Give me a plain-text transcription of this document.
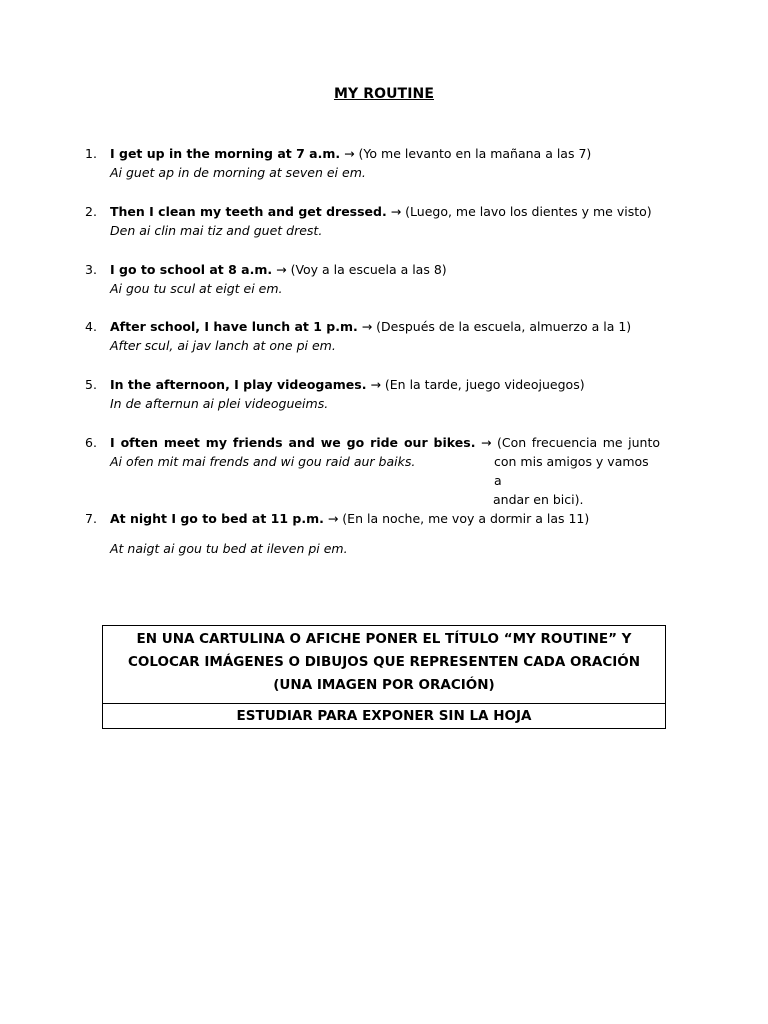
MY ROUTINE
1.	I get up in the morning at 7 a.m. → (Yo me levanto en la mañana a las 7)
Ai guet ap in de morning at seven ei em.
2.	Then I clean my teeth and get dressed. → (Luego, me lavo los dientes y me visto)
Den ai clin mai tiz and guet drest.
3.	I go to school at 8 a.m. → (Voy a la escuela a las 8)
Ai gou tu scul at eigt ei em.
4.	After school, I have lunch at 1 p.m. → (Después de la escuela, almuerzo a la 1)
After scul, ai jav lanch at one pi em.
5.	In the afternoon, I play videogames. → (En la tarde, juego videojuegos)
In de afternun ai plei videogueims.
6.	I often meet my friends and we go ride our bikes. → (Con frecuencia me junto
Ai ofen mit mai frends and wi gou raid aur baiks.	con mis amigos y vamos a
andar en bici).
7.	At night I go to bed at 11 p.m. → (En la noche, me voy a dormir a las 11)
At naigt ai gou tu bed at ileven pi em.
EN UNA CARTULINA O AFICHE PONER EL TÍTULO “MY ROUTINE” Y COLOCAR IMÁGENES O DIBUJOS QUE REPRESENTEN CADA ORACIÓN (UNA IMAGEN POR ORACIÓN)
ESTUDIAR PARA EXPONER SIN LA HOJA
